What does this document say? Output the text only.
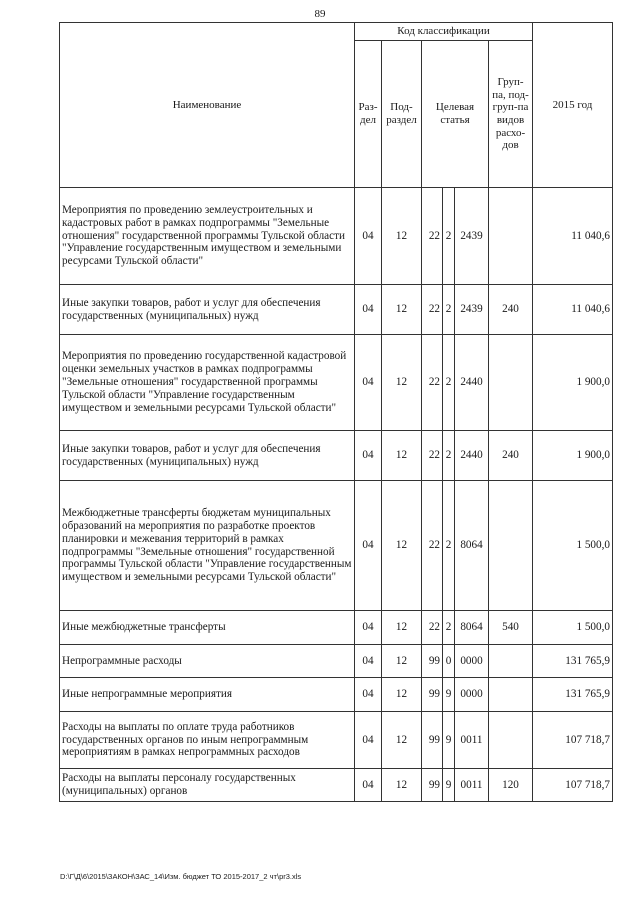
89
Наименование	Код классификации						2015 год
	Раз-дел	Под-раздел	Целевая статья			Груп-па, под-груп-па видов расхо-дов	
Мероприятия по проведению землеустроительных и кадастровых работ в рамках подпрограммы "Земельные отношения" государственной программы Тульской области "Управление государственным имуществом и земельными ресурсами Тульской области"	04	12	22	2	2439		11 040,6
Иные закупки товаров, работ и услуг для обеспечения государственных (муниципальных) нужд	04	12	22	2	2439	240	11 040,6
Мероприятия по проведению государственной кадастровой оценки земельных участков в рамках подпрограммы "Земельные отношения" государственной программы Тульской области "Управление государственным имуществом и земельными ресурсами Тульской области"	04	12	22	2	2440		1 900,0
Иные закупки товаров, работ и услуг для обеспечения государственных (муниципальных) нужд	04	12	22	2	2440	240	1 900,0
Межбюджетные трансферты бюджетам муниципальных образований на мероприятия по разработке проектов планировки и межевания территорий в рамках подпрограммы "Земельные отношения" государственной программы Тульской области "Управление государственным имуществом и земельными ресурсами Тульской области"	04	12	22	2	8064		1 500,0
Иные межбюджетные трансферты	04	12	22	2	8064	540	1 500,0
Непрограммные расходы	04	12	99	0	0000		131 765,9
Иные непрограммные мероприятия	04	12	99	9	0000		131 765,9
Расходы на выплаты по оплате труда работников государственных органов по иным непрограммным мероприятиям в рамках непрограммных расходов	04	12	99	9	0011		107 718,7
Расходы на выплаты персоналу государственных (муниципальных) органов	04	12	99	9	0011	120	107 718,7
D:\Г\Д\6\2015\ЗАКОН\ЗАС_14\Изм. бюджет ТО 2015-2017_2 чт\pr3.xls
